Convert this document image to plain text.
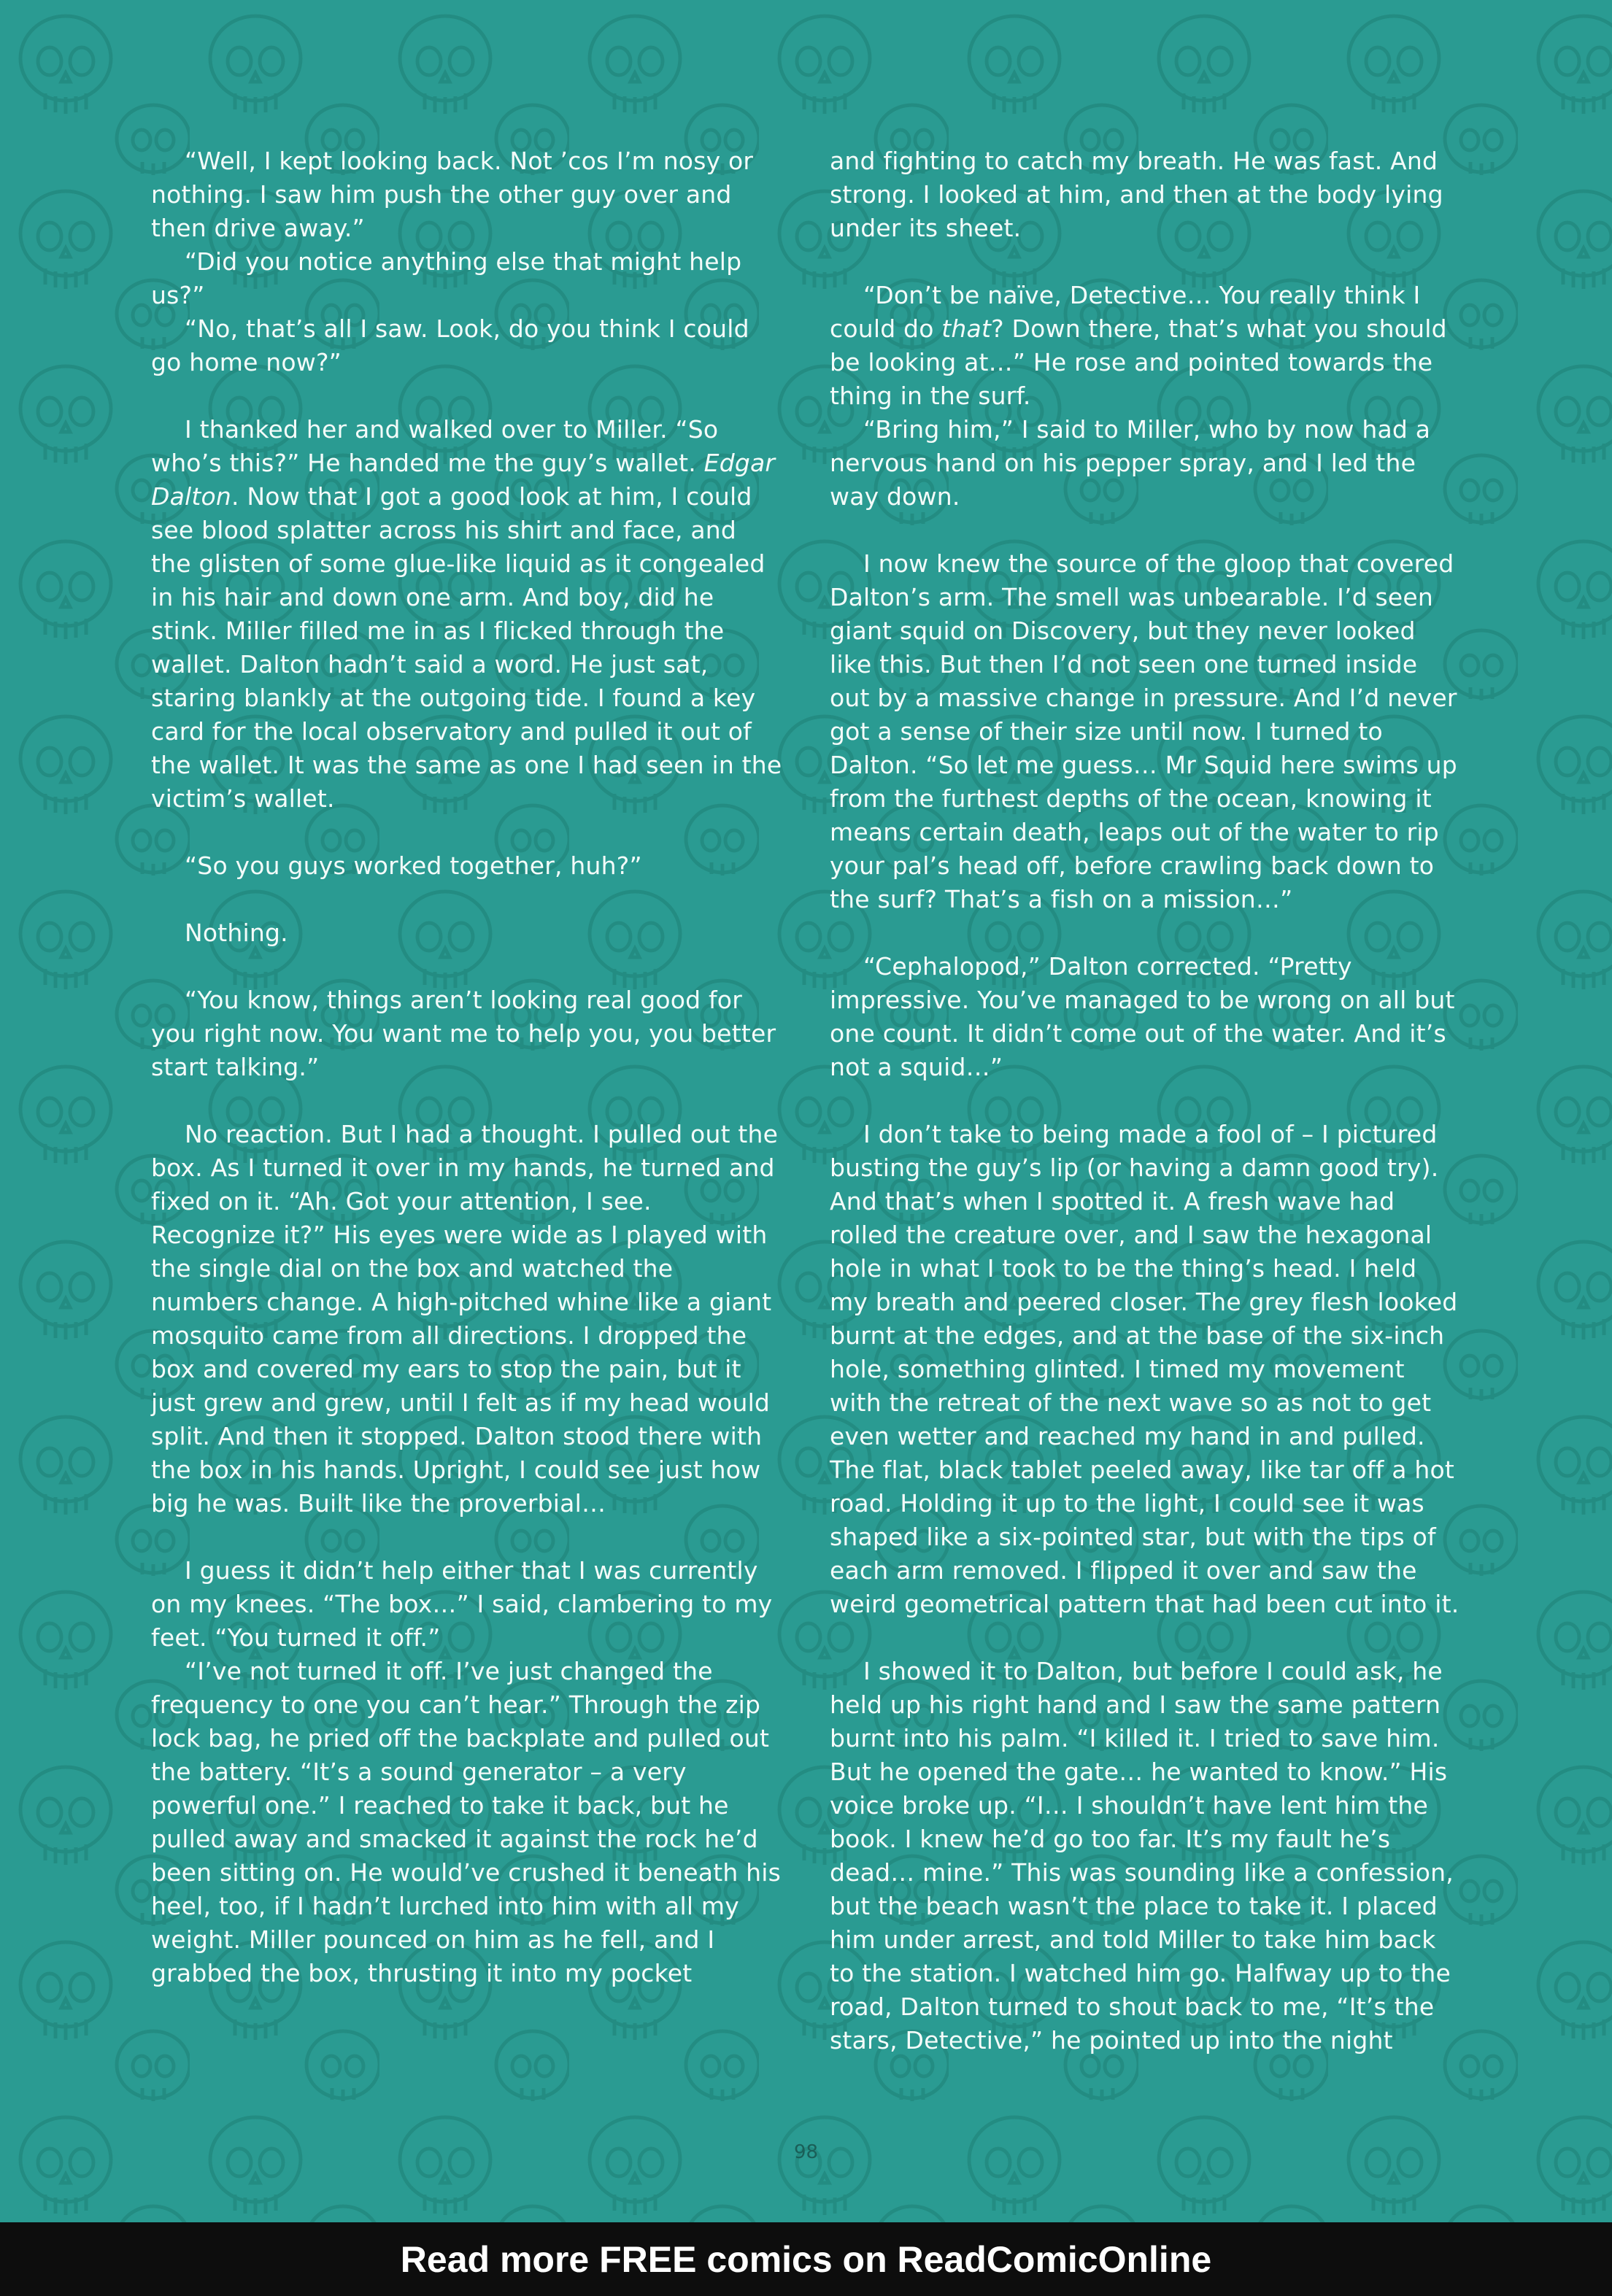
“Well, I kept looking back. Not ’cos I’m nosy or nothing. I saw him push the other guy over and then drive away.”

“Did you notice anything else that might help us?”

“No, that’s all I saw. Look, do you think I could go home now?”

I thanked her and walked over to Miller. “So who’s this?” He handed me the guy’s wallet. Edgar Dalton. Now that I got a good look at him, I could see blood splatter across his shirt and face, and the glisten of some glue-like liquid as it congealed in his hair and down one arm. And boy, did he stink. Miller filled me in as I flicked through the wallet. Dalton hadn’t said a word. He just sat, staring blankly at the outgoing tide. I found a key card for the local observatory and pulled it out of the wallet. It was the same as one I had seen in the victim’s wallet.

“So you guys worked together, huh?”

Nothing.

“You know, things aren’t looking real good for you right now. You want me to help you, you better start talking.”

No reaction. But I had a thought. I pulled out the box. As I turned it over in my hands, he turned and fixed on it. “Ah. Got your attention, I see. Recognize it?” His eyes were wide as I played with the single dial on the box and watched the numbers change. A high-pitched whine like a giant mosquito came from all directions. I dropped the box and covered my ears to stop the pain, but it just grew and grew, until I felt as if my head would split. And then it stopped. Dalton stood there with the box in his hands. Upright, I could see just how big he was. Built like the proverbial…

I guess it didn’t help either that I was currently on my knees. “The box…” I said, clambering to my feet. “You turned it off.”

“I’ve not turned it off. I’ve just changed the frequency to one you can’t hear.” Through the zip lock bag, he pried off the backplate and pulled out the battery. “It’s a sound generator – a very powerful one.” I reached to take it back, but he pulled away and smacked it against the rock he’d been sitting on. He would’ve crushed it beneath his heel, too, if I hadn’t lurched into him with all my weight. Miller pounced on him as he fell, and I grabbed the box, thrusting it into my pocket

and fighting to catch my breath. He was fast. And strong. I looked at him, and then at the body lying under its sheet.

“Don’t be naïve, Detective… You really think I could do that? Down there, that’s what you should be looking at…” He rose and pointed towards the thing in the surf.

“Bring him,” I said to Miller, who by now had a nervous hand on his pepper spray, and I led the way down.

I now knew the source of the gloop that covered Dalton’s arm. The smell was unbearable. I’d seen giant squid on Discovery, but they never looked like this. But then I’d not seen one turned inside out by a massive change in pressure. And I’d never got a sense of their size until now. I turned to Dalton. “So let me guess… Mr Squid here swims up from the furthest depths of the ocean, knowing it means certain death, leaps out of the water to rip your pal’s head off, before crawling back down to the surf? That’s a fish on a mission…”

“Cephalopod,” Dalton corrected. “Pretty impressive. You’ve managed to be wrong on all but one count. It didn’t come out of the water. And it’s not a squid…”

I don’t take to being made a fool of – I pictured busting the guy’s lip (or having a damn good try). And that’s when I spotted it. A fresh wave had rolled the creature over, and I saw the hexagonal hole in what I took to be the thing’s head. I held my breath and peered closer. The grey flesh looked burnt at the edges, and at the base of the six-inch hole, something glinted. I timed my movement with the retreat of the next wave so as not to get even wetter and reached my hand in and pulled. The flat, black tablet peeled away, like tar off a hot road. Holding it up to the light, I could see it was shaped like a six-pointed star, but with the tips of each arm removed. I flipped it over and saw the weird geometrical pattern that had been cut into it.

I showed it to Dalton, but before I could ask, he held up his right hand and I saw the same pattern burnt into his palm. “I killed it. I tried to save him. But he opened the gate… he wanted to know.” His voice broke up. “I… I shouldn’t have lent him the book. I knew he’d go too far. It’s my fault he’s dead… mine.” This was sounding like a confession, but the beach wasn’t the place to take it. I placed him under arrest, and told Miller to take him back to the station. I watched him go. Halfway up to the road, Dalton turned to shout back to me, “It’s the stars, Detective,” he pointed up into the night

98
Read more FREE comics on ReadComicOnline
